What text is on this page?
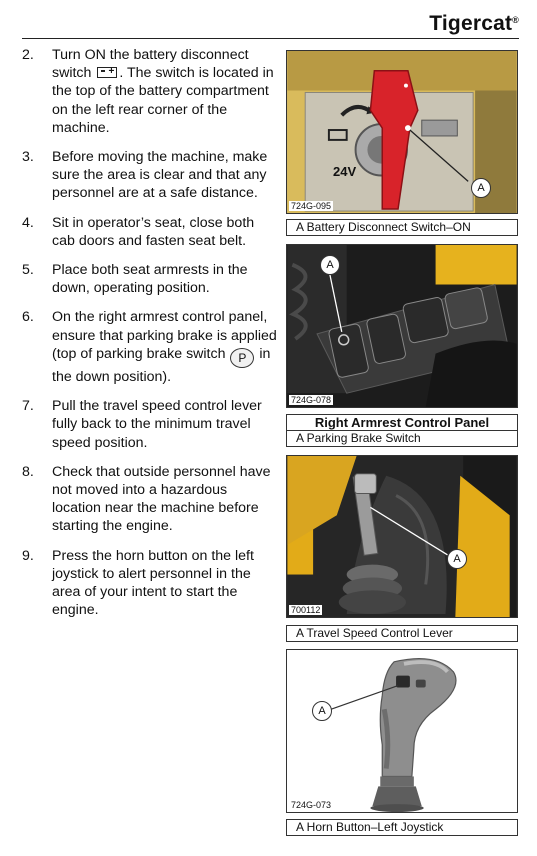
Tigercat®
2.	Turn ON the battery disconnect switch +. The switch is located in the top of the battery compartment on the left rear corner of the machine.
3.	Before moving the machine, make sure the area is clear and that any personnel are at a safe distance.
4.	Sit in operator’s seat, close both cab doors and fasten seat belt.
5.	Place both seat armrests in the down, operating position.
6.	On the right armrest control panel, ensure that parking brake is applied (top of parking brake switch P in the down position).
7.	Pull the travel speed control lever fully back to the minimum travel speed position.
8.	Check that outside personnel have not moved into a hazardous location near the machine before starting the engine.
9.	Press the horn button on the left joystick to alert personnel in the area of your intent to start the engine.
24V
A
724G-095
A Battery Disconnect Switch–ON
A
724G-078
Right Armrest Control Panel
A Parking Brake Switch
A
700112
A Travel Speed Control Lever
A
724G-073
A Horn Button–Left Joystick
